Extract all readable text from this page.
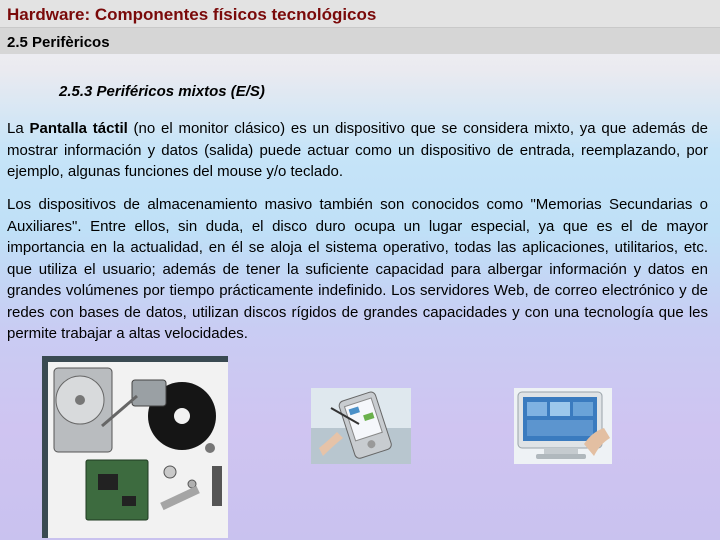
Hardware: Componentes físicos tecnológicos
2.5 Perifèricos
2.5.3 Periféricos mixtos (E/S)

La Pantalla táctil (no el monitor clásico) es un dispositivo que se considera mixto, ya que además de mostrar información y datos (salida) puede actuar como un dispositivo de entrada, reemplazando, por ejemplo, algunas funciones del mouse y/o teclado.

Los dispositivos de almacenamiento masivo también son conocidos como "Memorias Secundarias o Auxiliares". Entre ellos, sin duda, el disco duro ocupa un lugar especial, ya que es el de mayor importancia en la actualidad, en él se aloja el sistema operativo, todas las aplicaciones, utilitarios, etc. que utiliza el usuario; además de tener la suficiente capacidad para albergar información y datos en grandes volúmenes por tiempo prácticamente indefinido. Los servidores Web, de correo electrónico y de redes con bases de datos, utilizan discos rígidos de grandes capacidades y con una tecnología que les permite trabajar a altas velocidades.
